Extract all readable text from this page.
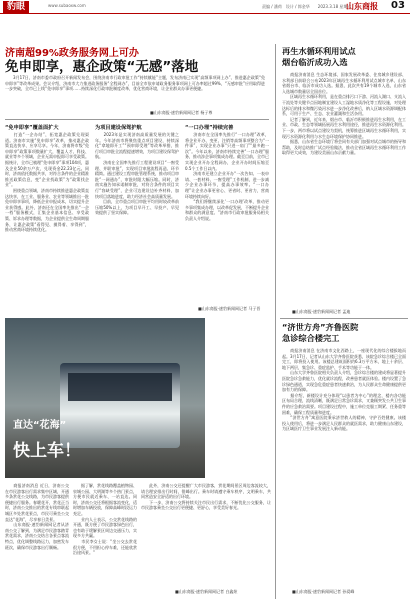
豹眼	www.subaoxw.com	责编 / 潘荷　设计 / 郎金华　　2023.3.18 星期六
山东商报 03
济南超99%政务服务网上可办
免申即享，惠企政策“无感”落地
　　3月17日，济南市委市政府召开新闻发布会，围绕济南市行政审批工作“持续赋能”主题，发布济南已实现“高频事项网上办”、推进惠企政策“免申即享”等改革成果。会议介绍，济南市大力推进政务服务“全程网办”，目前全市依申请政务服务事项网上可办率超过99%，“无感审批”应用取得进一步突破，全市已上线“免申即享”事项……持续深化行政审批制度改革，优化营商环境，让企业群众办事更便捷。
■山东商报·速豹新闻网记者 杨子尊
“免申即享”覆盖面扩大
　　打造“一企办结”，拓宽惠企政策兑现渠道。济南市实施“免申即享”改革，推动惠企政策直达快享、应享尽享。今年，济南将市级“免申即享”政策事项数量扩大，覆盖人才、科技、就业等多个领域，企业无需申报即可享受政策。据统计，全市已梳理“免申即享”事项104项，惠及企业50余万户次，兑现资金22.23亿元。同时，济南依托数据共享，对符合条件的企业精准推送政策信息，变“企业找政策”为“政策找企业”。
　　围绕重点领域，济南市持续推进惠企政策直达快享，在工业、服务业、农业等领域推出一批免申即享事项，降低企业申报成本，切实提升企业获得感。此外，济南还在全国率先推出“一企一档”服务模式，汇集企业基本信息、享受政策、诉求办理等数据，为企业提供全生命周期服务，让惠企政策“看得见、摸得着、享得到”，推动营商环境持续优化。
为项目建设保驾护航
　　2023年是实现济南高质量发展的关键之年。今年济南市将聚焦重点项目建设，持续深化“拿地即开工”“预审即受理”等改革举措，推行项目审批全流程提速增效，为项目建设保驾护航。
　　济南在全国率先推行工程建设项目“一窗受理、并联审批”，实现项目审批流程再造、环节精简。通过建设工程审批管理系统，推动项目审批“一网通办”，审批时限大幅压缩。同时，济南实施告知承诺制审批，对符合条件的项目实行“容缺受理”，企业可边建设边补齐材料，加快项目落地进度，助力经济社会高质量发展。
　　目前，全市重点项目审批平均用时较改革前压缩50%以上，为项目早开工、早投产、早见效提供了坚实保障。
“一口办理”持续完善
　　济南市在全国率先推行“一口办理”改革，将企业开办、变更、注销等高频事项整合为“一件事”，实现企业办事“只进一扇门”“最多跑一次”。今年以来，济南市持续完善“一口办理”服务，推动涉企事项集成办理。截至目前，全市已实现企业开办全程网办，企业开办时间压缩至0.5个工作日以内。
　　济南市还建立企业开办“一次告知、一表申请、一套材料、一窗受理”工作机制，进一步减少企业办事环节，提高办事效率。“一口办理”让企业办事更省心、更省时、更省力，营商环境持续向好。
　　“我们将继续深化‘一口办理’改革，推动更多事项集成办理，以改革促发展，不断提升企业和群众的满意度。”济南市行政审批服务局相关负责人介绍说。
■山东商报·速豹新闻网记者 马子晋
再生水循环利用试点
烟台临沂成功入选
　　商报济南消息 生态环境部、国家发展改革委、住房城乡建设部、水利部日前联合公布2023年区域再生水循环利用试点城市名单，山东省烟台市、临沂市成功入选。据悉，此次共有19个城市入选，山东省入选城市数量居全国首位。
　　区域再生水循环利用，是在重点排污口下游、河流入湖口、支流入干流处等关键节点因地制宜建设人工湿地水质净化等工程设施，对处理达标后的排水和微污染河水进一步净化改善后，纳入区域水资源调配体系，可用于生产、生态、农业灌溉和生活杂用。
　　记者了解到，近年来，烟台市、临沂市积极推进再生水利用，在工业、市政、生态等领域拓展再生水利用途径，推进再生水资源化利用。下一步，两市将以试点建设为契机，统筹推进区域再生水循环利用，实现污水资源化利用与水生态环境保护协同推进。
　　据悉，山东省生态环境厅将会同有关部门加强对试点城市的指导和帮助，及时总结推广试点经验做法，推动全省区域再生水循环利用工作取得更大成效，为建设美丽山东贡献力量。
■山东商报·速豹新闻网记者 孟迪
“济世方舟”齐鲁医院
急诊综合楼完工
　　商报济南消息 在济南市文化西路上，一座现代化的综合楼拔地而起。3月17日，记者从山东大学齐鲁医院获悉，该院急诊综合楼已全面完工，即将投入使用。该楼总建筑面积约6.3万平方米，地上十余层、地下两层，集急诊、重症监护、手术等功能于一体。
　　山东大学齐鲁医院相关负责人介绍，急诊综合楼的建成将显著提升医院急诊急救能力，优化就诊流程，改善患者就医体验。楼内设置了急诊绿色通道，实现急危重症患者快速救治，为人民群众生命健康提供更加有力的保障。
　　据介绍，新楼设计充分体现“以患者为中心”的理念，楼内各功能区布局合理，流线清晰，既满足日常急诊需求，又兼顾突发公共卫生事件的应急救治需要。项目建设过程中，施工单位克服工期紧、任务重等困难，确保工程质量和进度。
　　“济世方舟”寓意医院秉承济世救人的精神，守护百姓健康。该楼投入使用后，将进一步满足人民群众的就医需求，助力健康山东建设，为区域医疗卫生事业发展注入新动能。
■山东商报·速豹新闻网记者 孙爱峰
直达“花海”
快上车！
　　商报济南消息 近日，济南公交在市民游客出行需求集中区域，开通多条赏花公交线路，为市民游客提供便捷出行服务。春暖花开，赏花正当时，济南公交推出的赏花专线串联起城区多处赏花景点，市民可乘坐公交直达“花海”，尽享春日美景。
　　山东商报·速豹新闻网记者从济南公交了解到，为满足市民游客踏青赏花需求，济南公交结合各景点客流特点，优化调整线路运力，加密发车班次，确保市民游客出行顺畅。
　　据了解，赏花线路覆盖植物园、泉城公园、大明湖等多个热门景点，方便市民就近乘车、一站直达。同时，济南公交还将根据客流变化，适时增加车辆投放，保障高峰时段运力充足。
　　业内人士表示，公交赏花线路的开通，既方便了市民游客绿色出行，也有助于缓解景区周边交通压力，实现多方共赢。
　　市民李女士说：“坐公交去赏花很方便，不用担心停车难，还能欣赏沿途风景。”
　　此外，济南公交还提醒广大市民游客，赏花期间景区周边客流较大，请合理安排出行时间，错峰出行。乘车时请遵守乘车秩序，文明乘车，共同营造安全舒适的出行环境。
　　下一步，济南公交将持续关注市民出行需求，不断优化公交服务，让市民游客乘坐公交出行更便捷、更舒心，享受美好春光。
■山东商报·速豹新闻网记者 白鑫炫
